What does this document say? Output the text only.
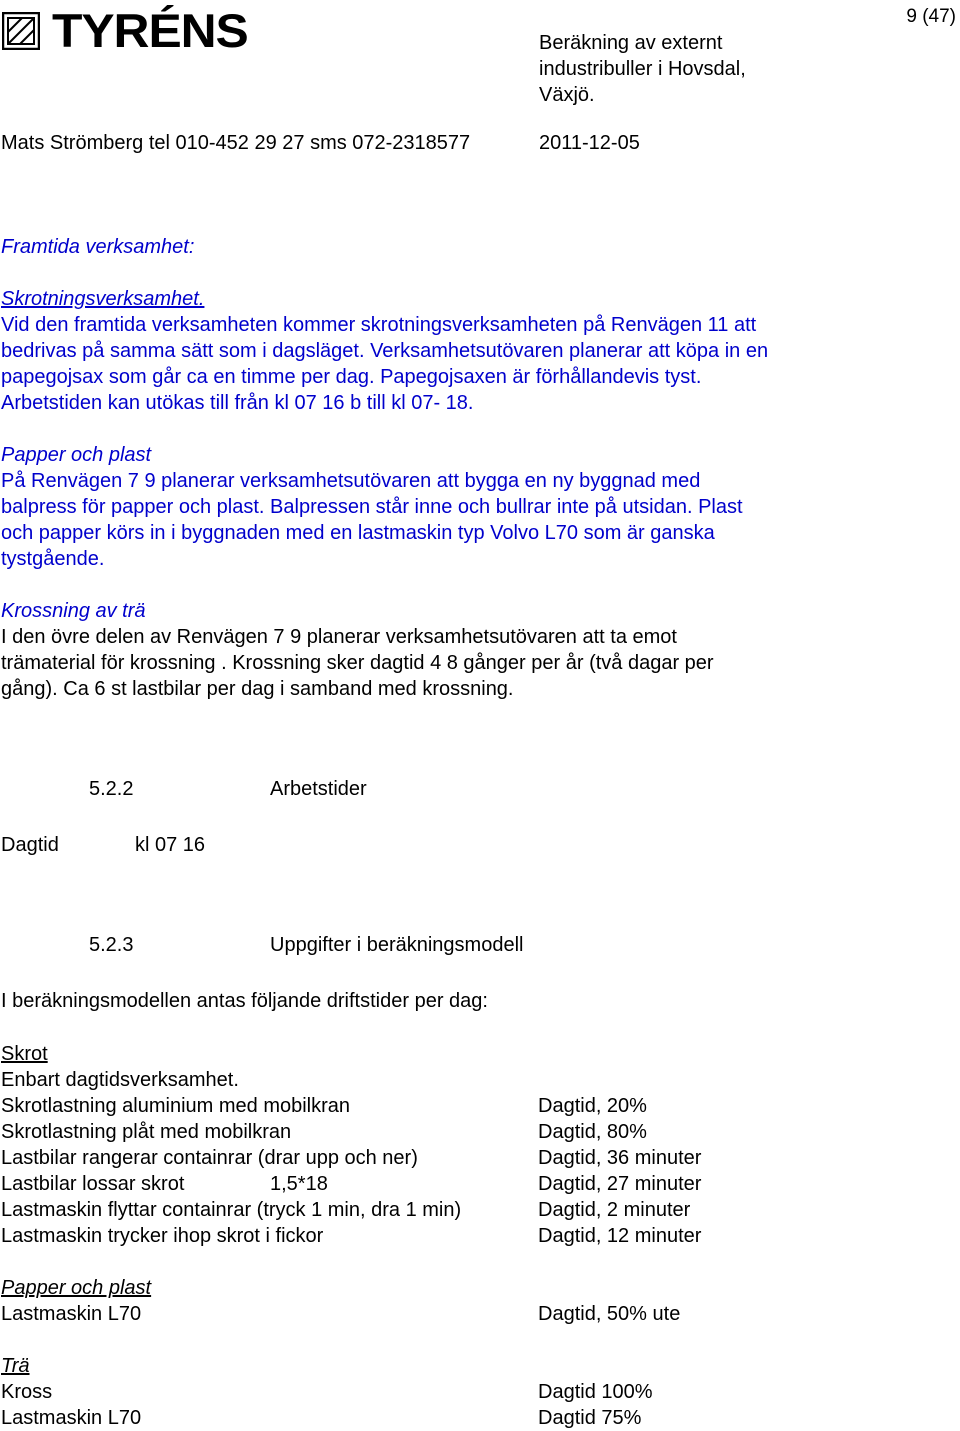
TYRÉNS	Beräkning av externt
industribuller i Hovsdal,
Växjö.
9 (47)
Mats Strömberg tel 010-452 29 27 sms 072-2318577	2011-12-05
Framtida verksamhet:
Skrotningsverksamhet.
Vid den framtida verksamheten kommer skrotningsverksamheten på Renvägen 11 att
bedrivas på samma sätt som i dagsläget. Verksamhetsutövaren planerar att köpa in en
papegojsax som går ca en timme per dag. Papegojsaxen är förhållandevis tyst.
Arbetstiden kan utökas till från kl 07 16 b till kl 07- 18.
Papper och plast
På Renvägen 7 9 planerar verksamhetsutövaren att bygga en ny byggnad med
balpress för papper och plast. Balpressen står inne och bullrar inte på utsidan. Plast
och papper körs in i byggnaden med en lastmaskin typ Volvo L70 som är ganska
tystgående.
Krossning av trä
I den övre delen av Renvägen 7 9 planerar verksamhetsutövaren att ta emot
trämaterial för krossning . Krossning sker dagtid 4 8 gånger per år (två dagar per
gång). Ca 6 st lastbilar per dag i samband med krossning.
5.2.2	Arbetstider
Dagtid	kl 07 16
5.2.3	Uppgifter i beräkningsmodell
I beräkningsmodellen antas följande driftstider per dag:
Skrot
Enbart dagtidsverksamhet.
Skrotlastning aluminium med mobilkran	Dagtid, 20%
Skrotlastning plåt med mobilkran	Dagtid, 80%
Lastbilar rangerar containrar (drar upp och ner)	Dagtid, 36 minuter
Lastbilar lossar skrot	1,5*18	Dagtid, 27 minuter
Lastmaskin flyttar containrar (tryck 1 min, dra 1 min)	Dagtid, 2 minuter
Lastmaskin trycker ihop skrot i fickor	Dagtid, 12 minuter
Papper och plast
Lastmaskin L70	Dagtid, 50% ute
Trä
Kross	Dagtid 100%
Lastmaskin L70	Dagtid 75%
